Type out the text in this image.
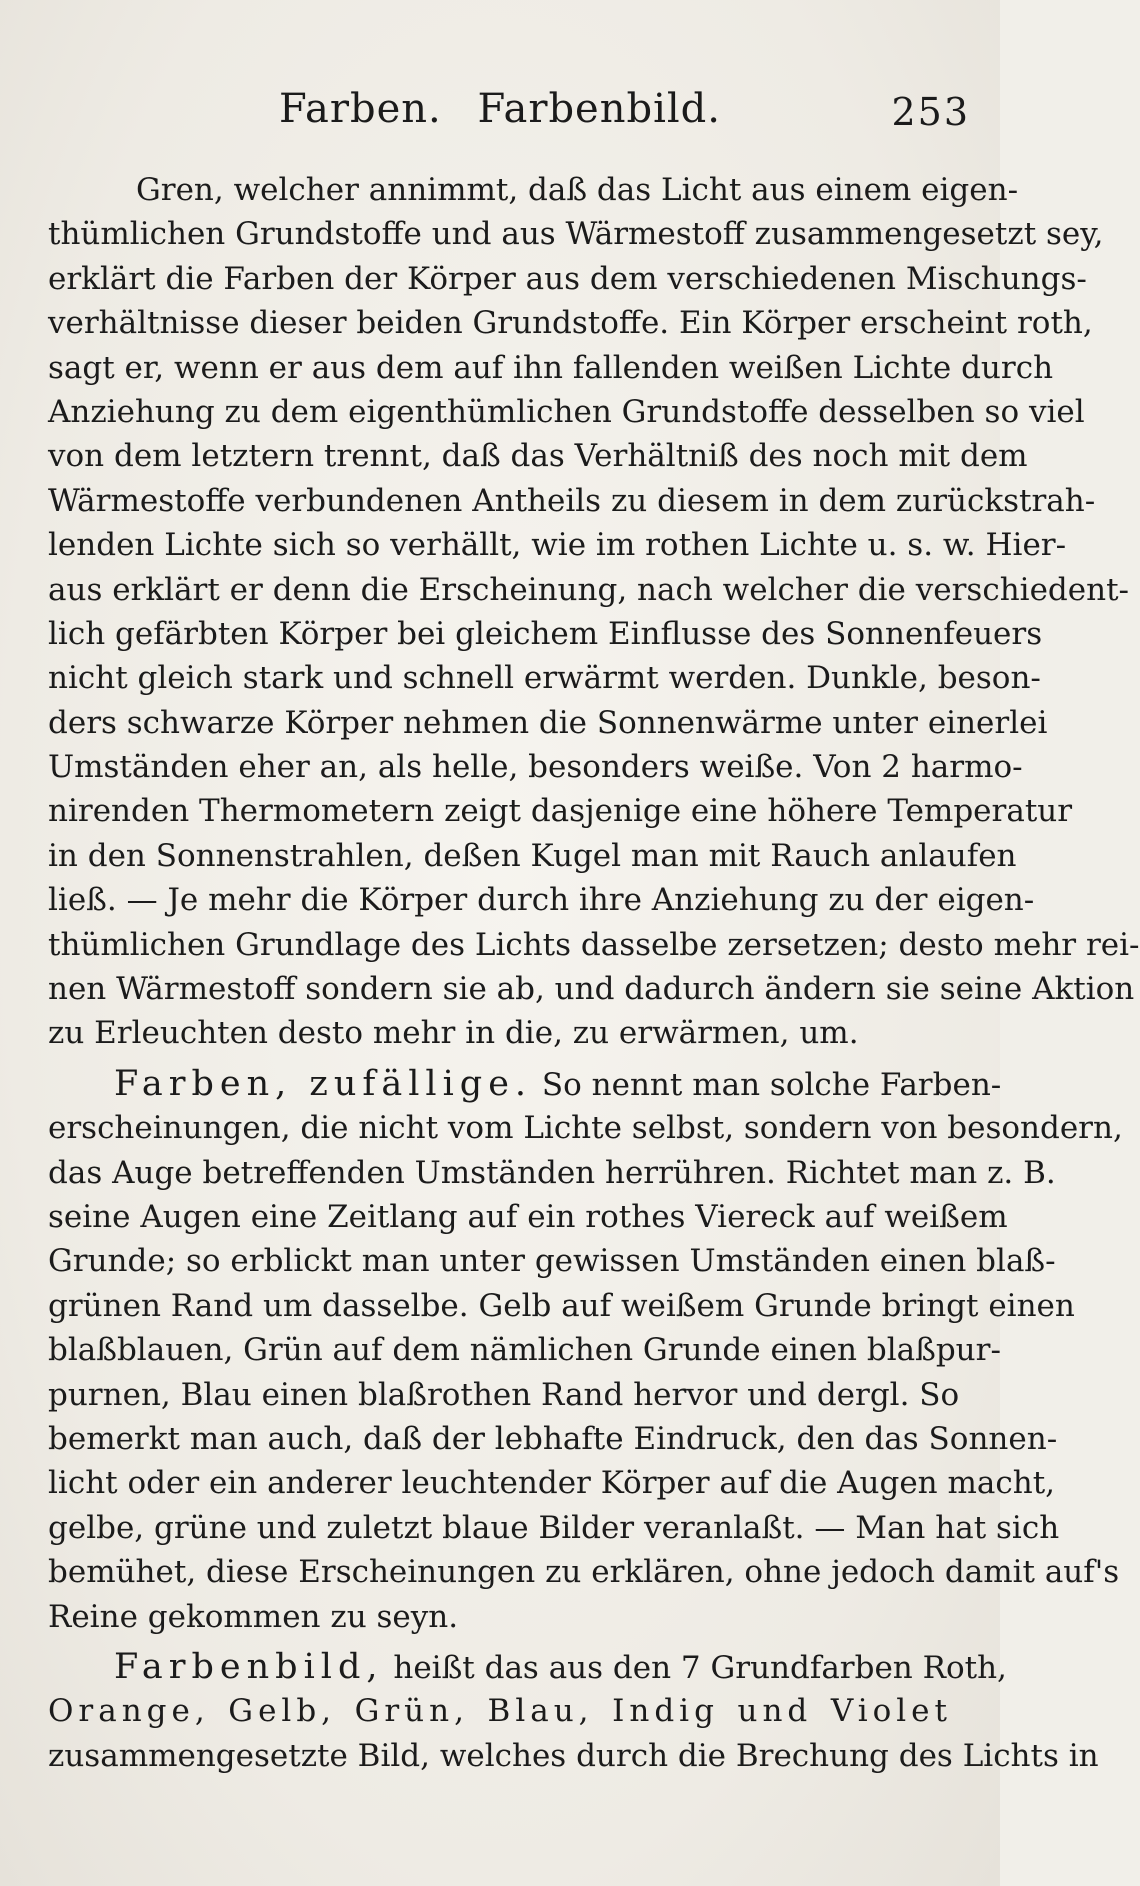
Farben. Farbenbild.	253
Gren, welcher annimmt, daß das Licht aus einem eigen-
thümlichen Grundstoffe und aus Wärmestoff zusammengesetzt sey,
erklärt die Farben der Körper aus dem verschiedenen Mischungs-
verhältnisse dieser beiden Grundstoffe. Ein Körper erscheint roth,
sagt er, wenn er aus dem auf ihn fallenden weißen Lichte durch
Anziehung zu dem eigenthümlichen Grundstoffe desselben so viel
von dem letztern trennt, daß das Verhältniß des noch mit dem
Wärmestoffe verbundenen Antheils zu diesem in dem zurückstrah-
lenden Lichte sich so verhällt, wie im rothen Lichte u. s. w. Hier-
aus erklärt er denn die Erscheinung, nach welcher die verschiedent-
lich gefärbten Körper bei gleichem Einflusse des Sonnenfeuers
nicht gleich stark und schnell erwärmt werden. Dunkle, beson-
ders schwarze Körper nehmen die Sonnenwärme unter einerlei
Umständen eher an, als helle, besonders weiße. Von 2 harmo-
nirenden Thermometern zeigt dasjenige eine höhere Temperatur
in den Sonnenstrahlen, deßen Kugel man mit Rauch anlaufen
ließ. — Je mehr die Körper durch ihre Anziehung zu der eigen-
thümlichen Grundlage des Lichts dasselbe zersetzen; desto mehr rei-
nen Wärmestoff sondern sie ab, und dadurch ändern sie seine Aktion
zu Erleuchten desto mehr in die, zu erwärmen, um.
Farben, zufällige. So nennt man solche Farben-
erscheinungen, die nicht vom Lichte selbst, sondern von besondern,
das Auge betreffenden Umständen herrühren. Richtet man z. B.
seine Augen eine Zeitlang auf ein rothes Viereck auf weißem
Grunde; so erblickt man unter gewissen Umständen einen blaß-
grünen Rand um dasselbe. Gelb auf weißem Grunde bringt einen
blaßblauen, Grün auf dem nämlichen Grunde einen blaßpur-
purnen, Blau einen blaßrothen Rand hervor und dergl. So
bemerkt man auch, daß der lebhafte Eindruck, den das Sonnen-
licht oder ein anderer leuchtender Körper auf die Augen macht,
gelbe, grüne und zuletzt blaue Bilder veranlaßt. — Man hat sich
bemühet, diese Erscheinungen zu erklären, ohne jedoch damit auf's
Reine gekommen zu seyn.
Farbenbild, heißt das aus den 7 Grundfarben Roth,
Orange, Gelb, Grün, Blau, Indig und Violet
zusammengesetzte Bild, welches durch die Brechung des Lichts in
